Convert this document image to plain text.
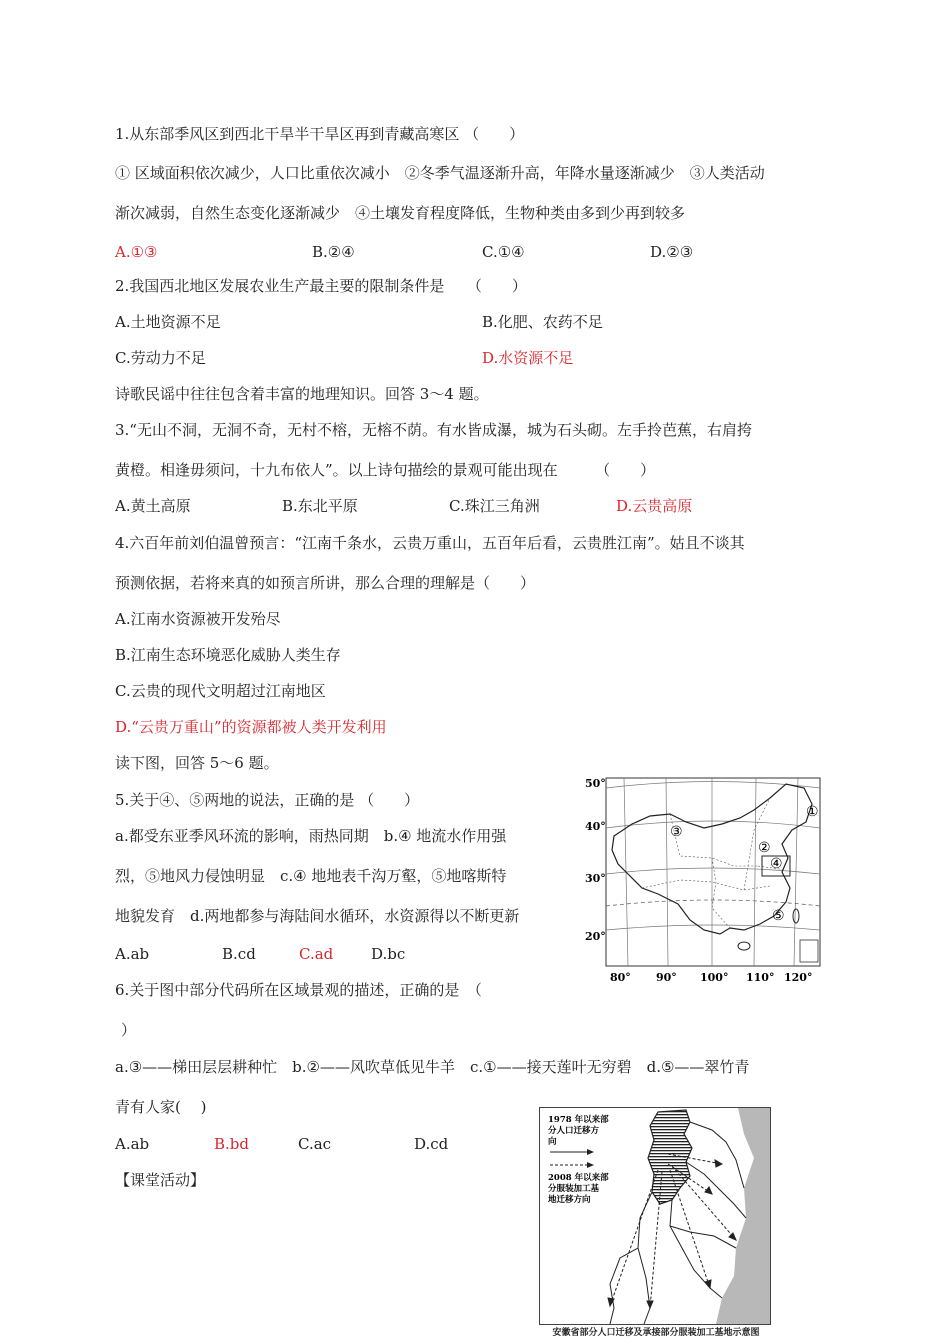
1.从东部季风区到西北干旱半干旱区再到青藏高寒区 （　　）
① 区域面积依次减少，人口比重依次减小　②冬季气温逐渐升高，年降水量逐渐减少　③人类活动
渐次减弱，自然生态变化逐渐减少　④土壤发育程度降低，生物种类由多到少再到较多
A.①③	B.②④	C.①④	D.②③
2.我国西北地区发展农业生产最主要的限制条件是　　（　　）
A.土地资源不足	B.化肥、农药不足
C.劳动力不足	D.水资源不足
诗歌民谣中往往包含着丰富的地理知识。回答 3～4 题。
3.“无山不洞，无洞不奇，无村不榕，无榕不荫。有水皆成瀑，城为石头砌。左手拎芭蕉，右肩挎
黄橙。相逢毋须问，十九布依人”。以上诗句描绘的景观可能出现在　　　（　　）
A.黄土高原	B.东北平原	C.珠江三角洲	D.云贵高原
4.六百年前刘伯温曾预言：“江南千条水，云贵万重山，五百年后看，云贵胜江南”。姑且不谈其
预测依据，若将来真的如预言所讲，那么合理的理解是（　　）
A.江南水资源被开发殆尽
B.江南生态环境恶化威胁人类生存
C.云贵的现代文明超过江南地区
D.“云贵万重山”的资源都被人类开发利用
读下图，回答 5～6 题。
5.关于④、⑤两地的说法，正确的是 （　　）
a.都受东亚季风环流的影响，雨热同期　b.④ 地流水作用强
烈，⑤地风力侵蚀明显　c.④ 地地表千沟万壑，⑤地喀斯特
地貌发育　d.两地都参与海陆间水循环，水资源得以不断更新
A.ab	B.cd	C.ad	D.bc
6.关于图中部分代码所在区域景观的描述，正确的是　（
）
a.③——梯田层层耕种忙　b.②——风吹草低见牛羊　c.①——接天莲叶无穷碧　d.⑤——翠竹青
青有人家(　 )
A.ab	B.bd	C.ac	D.cd
【课堂活动】
50°
40°
30°
20°
80° 90° 100° 110° 120°
①
②
③
④
⑤
1978 年以来部
分人口迁移方
向
2008 年以来部
分服装加工基
地迁移方向
安徽省部分人口迁移及承接部分服装加工基地示意图
